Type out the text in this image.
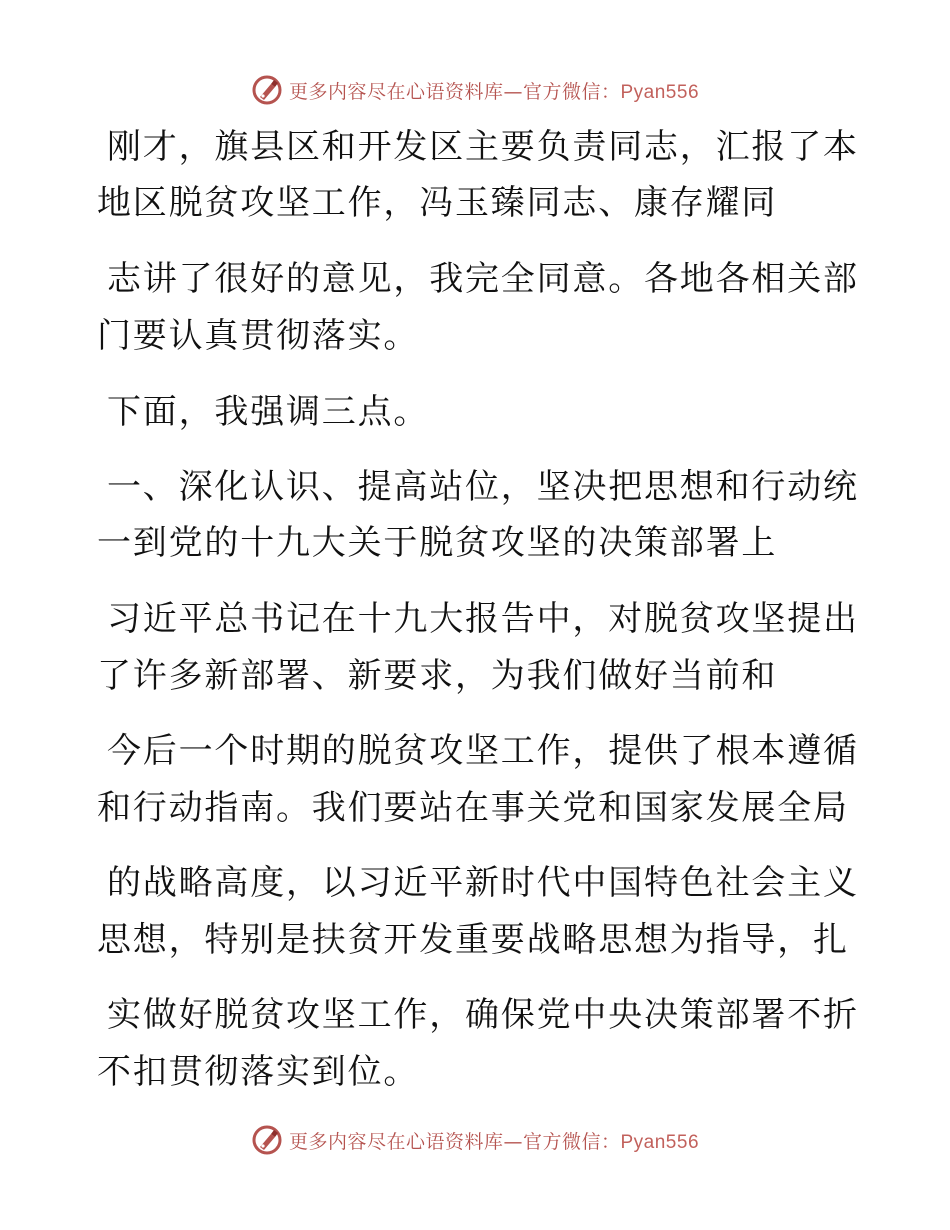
更多内容尽在心语资料库—官方微信：Pyan556
刚才，旗县区和开发区主要负责同志，汇报了本
地区脱贫攻坚工作，冯玉臻同志、康存耀同
志讲了很好的意见，我完全同意。各地各相关部
门要认真贯彻落实。
下面，我强调三点。
一、深化认识、提高站位，坚决把思想和行动统
一到党的十九大关于脱贫攻坚的决策部署上
习近平总书记在十九大报告中，对脱贫攻坚提出
了许多新部署、新要求，为我们做好当前和
今后一个时期的脱贫攻坚工作，提供了根本遵循
和行动指南。我们要站在事关党和国家发展全局
的战略高度，以习近平新时代中国特色社会主义
思想，特别是扶贫开发重要战略思想为指导，扎
实做好脱贫攻坚工作，确保党中央决策部署不折
不扣贯彻落实到位。
更多内容尽在心语资料库—官方微信：Pyan556
